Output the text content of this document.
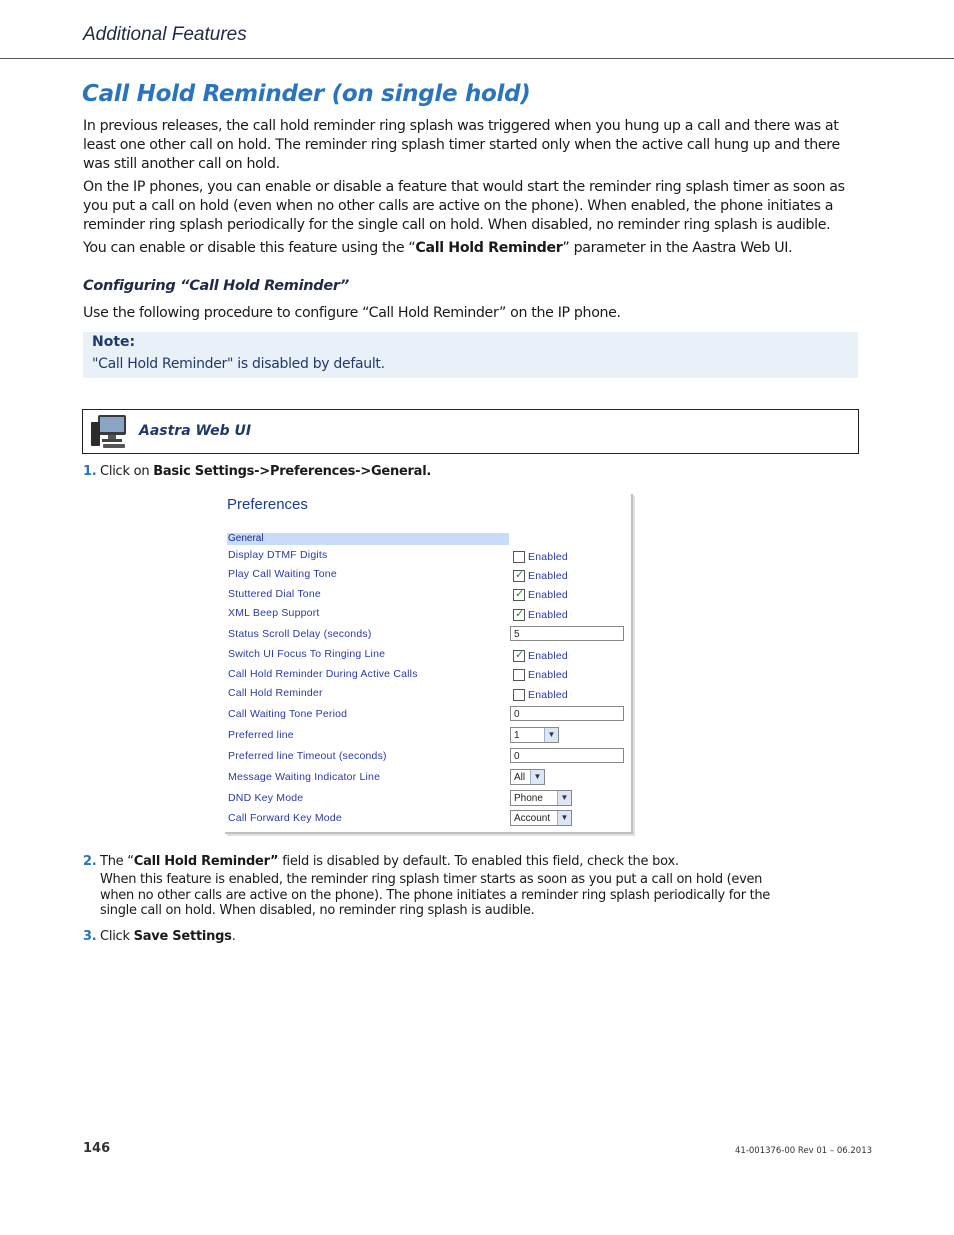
Additional Features
Call Hold Reminder (on single hold)
In previous releases, the call hold reminder ring splash was triggered when you hung up a call and there was at least one other call on hold. The reminder ring splash timer started only when the active call hung up and there was still another call on hold.
On the IP phones, you can enable or disable a feature that would start the reminder ring splash timer as soon as you put a call on hold (even when no other calls are active on the phone). When enabled, the phone initiates a reminder ring splash periodically for the single call on hold. When disabled, no reminder ring splash is audible.
You can enable or disable this feature using the “Call Hold Reminder” parameter in the Aastra Web UI.
Configuring “Call Hold Reminder”
Use the following procedure to configure “Call Hold Reminder” on the IP phone.
Note:
"Call Hold Reminder" is disabled by default.
Aastra Web UI
1. Click on Basic Settings->Preferences->General.
Preferences
General
Display DTMF Digits	Enabled
Play Call Waiting Tone	✓ Enabled
Stuttered Dial Tone	✓ Enabled
XML Beep Support	✓ Enabled
Status Scroll Delay (seconds)	5
Switch UI Focus To Ringing Line	✓ Enabled
Call Hold Reminder During Active Calls	Enabled
Call Hold Reminder	Enabled
Call Waiting Tone Period	0
Preferred line	1	▼
Preferred line Timeout (seconds)	0
Message Waiting Indicator Line	All	▼
DND Key Mode	Phone	▼
Call Forward Key Mode	Account	▼
2. The “Call Hold Reminder” field is disabled by default. To enabled this field, check the box.
When this feature is enabled, the reminder ring splash timer starts as soon as you put a call on hold (even when no other calls are active on the phone). The phone initiates a reminder ring splash periodically for the single call on hold. When disabled, no reminder ring splash is audible.
3. Click Save Settings.
146	41-001376-00 Rev 01 – 06.2013
